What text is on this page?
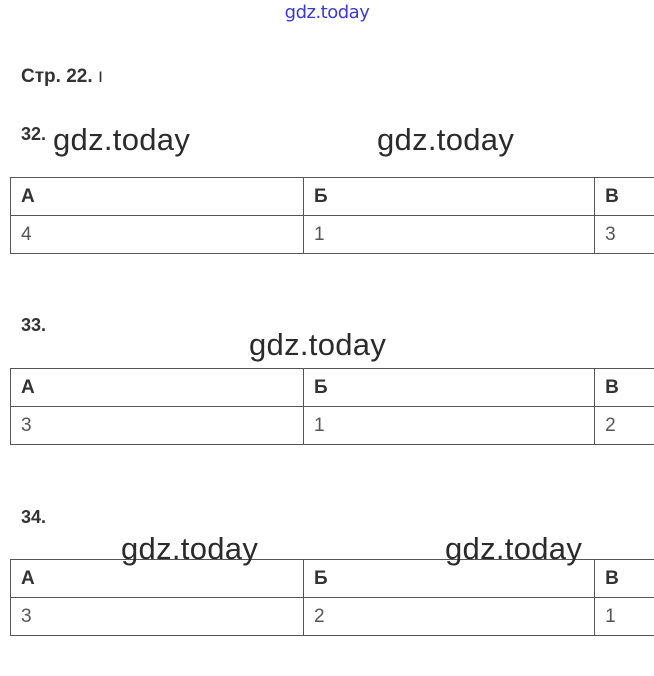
gdz.today
Стр. 22. ı
32. gdz.today	gdz.today
А	Б	В
4	1	3
33.
gdz.today
А	Б	В
3	1	2
34.
А	Б	В
3	2	1
gdz.today	gdz.today
